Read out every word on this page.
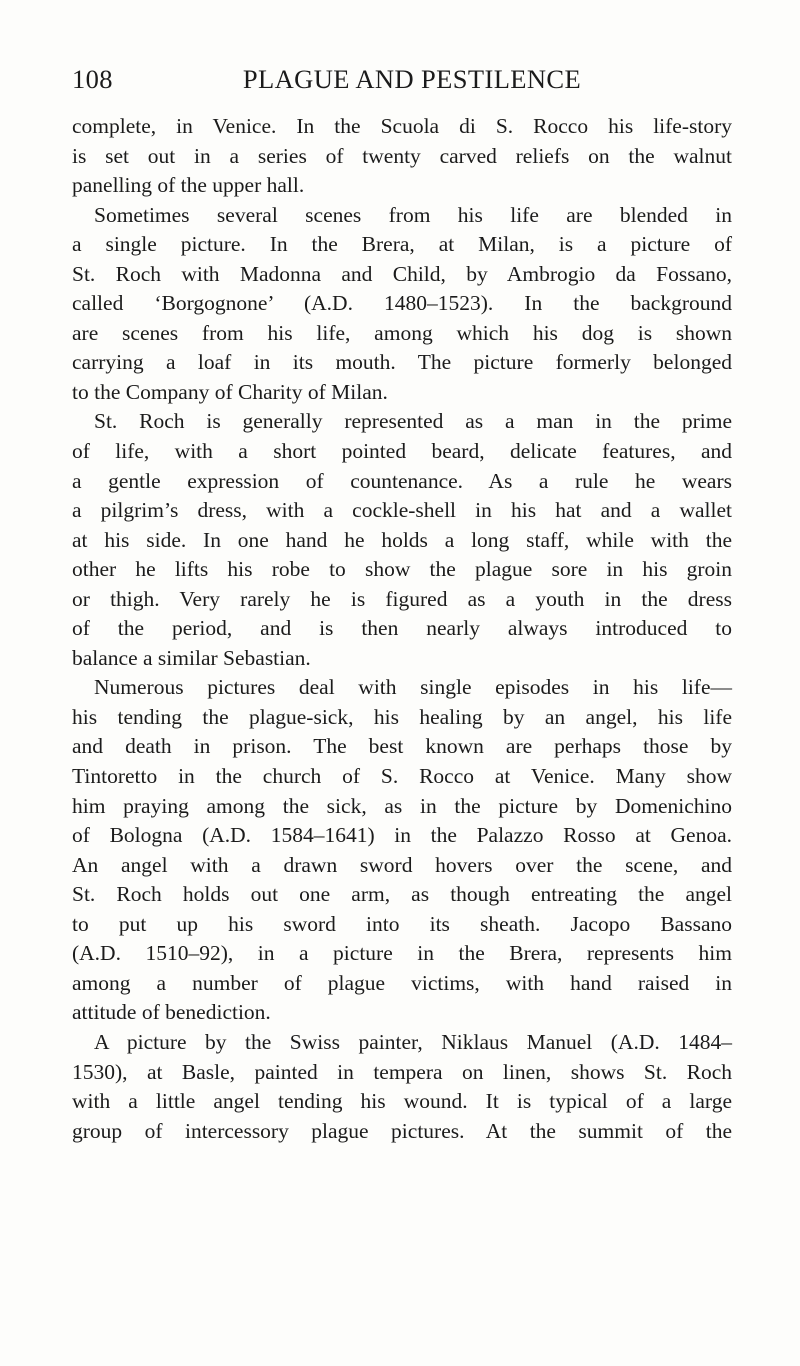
108	PLAGUE AND PESTILENCE
complete, in Venice. In the Scuola di S. Rocco his life-story
is set out in a series of twenty carved reliefs on the walnut
panelling of the upper hall.
Sometimes several scenes from his life are blended in
a single picture. In the Brera, at Milan, is a picture of
St. Roch with Madonna and Child, by Ambrogio da Fossano,
called ‘Borgognone’ (A.D. 1480–1523). In the background
are scenes from his life, among which his dog is shown
carrying a loaf in its mouth. The picture formerly belonged
to the Company of Charity of Milan.
St. Roch is generally represented as a man in the prime
of life, with a short pointed beard, delicate features, and
a gentle expression of countenance. As a rule he wears
a pilgrim’s dress, with a cockle-shell in his hat and a wallet
at his side. In one hand he holds a long staff, while with the
other he lifts his robe to show the plague sore in his groin
or thigh. Very rarely he is figured as a youth in the dress
of the period, and is then nearly always introduced to
balance a similar Sebastian.
Numerous pictures deal with single episodes in his life—
his tending the plague-sick, his healing by an angel, his life
and death in prison. The best known are perhaps those by
Tintoretto in the church of S. Rocco at Venice. Many show
him praying among the sick, as in the picture by Domenichino
of Bologna (A.D. 1584–1641) in the Palazzo Rosso at Genoa.
An angel with a drawn sword hovers over the scene, and
St. Roch holds out one arm, as though entreating the angel
to put up his sword into its sheath. Jacopo Bassano
(A.D. 1510–92), in a picture in the Brera, represents him
among a number of plague victims, with hand raised in
attitude of benediction.
A picture by the Swiss painter, Niklaus Manuel (A.D. 1484–
1530), at Basle, painted in tempera on linen, shows St. Roch
with a little angel tending his wound. It is typical of a large
group of intercessory plague pictures. At the summit of the
